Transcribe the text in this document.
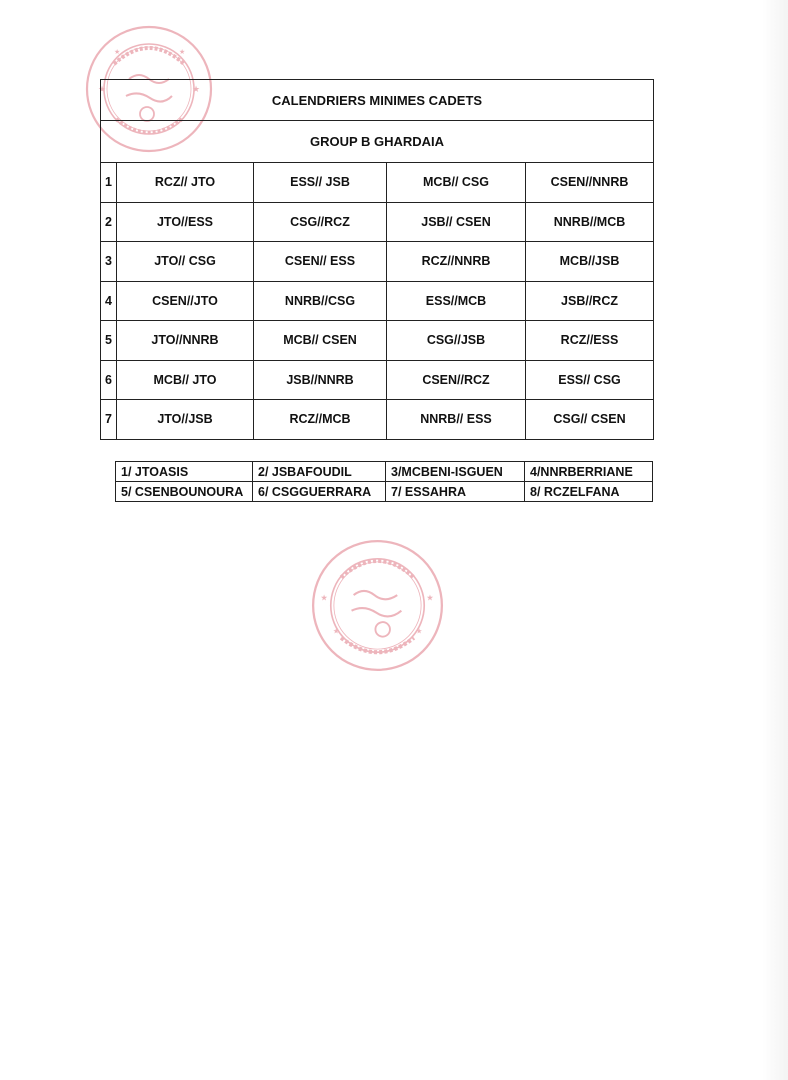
★	★
★	★
★	★
★	★
CALENDRIERS MINIMES CADETS				
GROUP B GHARDAIA				
1	RCZ// JTO	ESS// JSB	MCB// CSG	CSEN//NNRB
2	JTO//ESS	CSG//RCZ	JSB// CSEN	NNRB//MCB
3	JTO// CSG	CSEN// ESS	RCZ//NNRB	MCB//JSB
4	CSEN//JTO	NNRB//CSG	ESS//MCB	JSB//RCZ
5	JTO//NNRB	MCB// CSEN	CSG//JSB	RCZ//ESS
6	MCB// JTO	JSB//NNRB	CSEN//RCZ	ESS// CSG
7	JTO//JSB	RCZ//MCB	NNRB// ESS	CSG// CSEN
1/ JTOASIS	2/ JSBAFOUDIL	3/MCBENI-ISGUEN	4/NNRBERRIANE
5/ CSENBOUNOURA	6/ CSGGUERRARA	7/ ESSAHRA	8/ RCZELFANA
